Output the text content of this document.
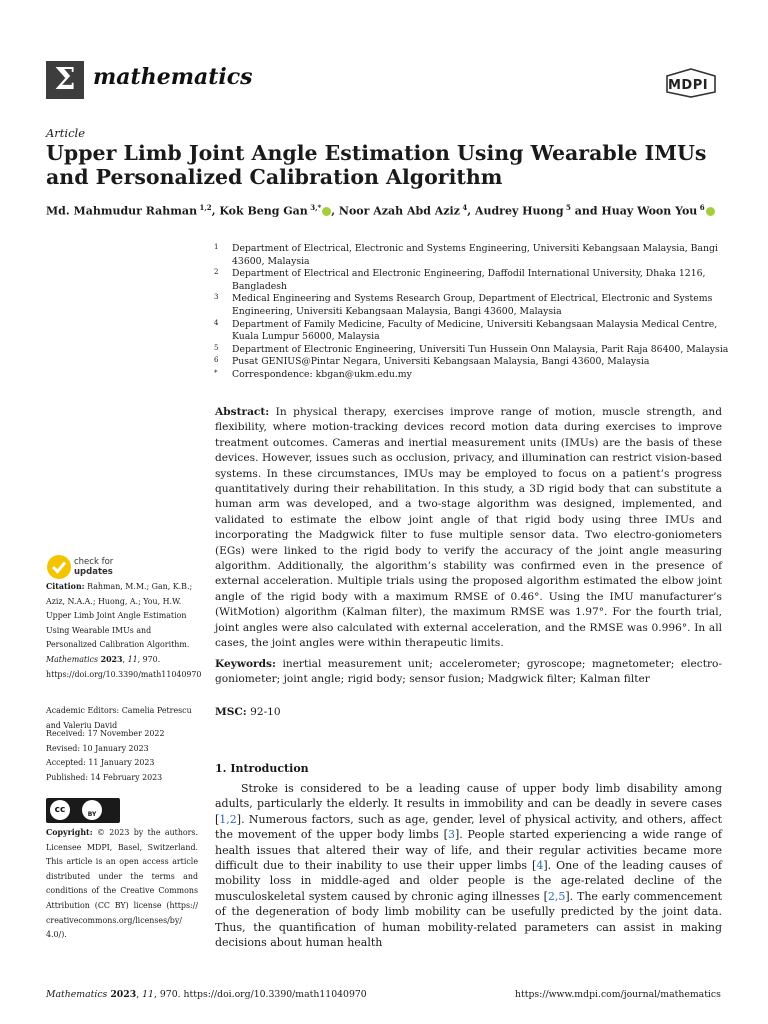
Σ mathematics	MDPI
Article
Upper Limb Joint Angle Estimation Using Wearable IMUs and Personalized Calibration Algorithm
Md. Mahmudur Rahman $^{1,2}$, Kok Beng Gan $^{3,*}$ , Noor Azah Abd Aziz $^4$, Audrey Huong $^5$ and Huay Woon You $^6$
1 Department of Electrical, Electronic and Systems Engineering, Universiti Kebangsaan Malaysia, Bangi 43600, Malaysia
2 Department of Electrical and Electronic Engineering, Daffodil International University, Dhaka 1216, Bangladesh
3 Medical Engineering and Systems Research Group, Department of Electrical, Electronic and Systems Engineering, Universiti Kebangsaan Malaysia, Bangi 43600, Malaysia
4 Department of Family Medicine, Faculty of Medicine, Universiti Kebangsaan Malaysia Medical Centre, Kuala Lumpur 56000, Malaysia
5 Department of Electronic Engineering, Universiti Tun Hussein Onn Malaysia, Parit Raja 86400, Malaysia
6 Pusat GENIUS@Pintar Negara, Universiti Kebangsaan Malaysia, Bangi 43600, Malaysia
* Correspondence: kbgan@ukm.edu.my
Abstract: In physical therapy, exercises improve range of motion, muscle strength, and flexibility, where motion-tracking devices record motion data during exercises to improve treatment outcomes. Cameras and inertial measurement units (IMUs) are the basis of these devices. However, issues such as occlusion, privacy, and illumination can restrict vision-based systems. In these circumstances, IMUs may be employed to focus on a patient’s progress quantitatively during their rehabilitation. In this study, a 3D rigid body that can substitute a human arm was developed, and a two-stage algorithm was designed, implemented, and validated to estimate the elbow joint angle of that rigid body using three IMUs and incorporating the Madgwick filter to fuse multiple sensor data. Two electro-goniometers (EGs) were linked to the rigid body to verify the accuracy of the joint angle measuring algorithm. Additionally, the algorithm’s stability was confirmed even in the presence of external acceleration. Multiple trials using the proposed algorithm estimated the elbow joint angle of the rigid body with a maximum RMSE of 0.46°. Using the IMU manufacturer’s (WitMotion) algorithm (Kalman filter), the maximum RMSE was 1.97°. For the fourth trial, joint angles were also calculated with external acceleration, and the RMSE was 0.996°. In all cases, the joint angles were within therapeutic limits.
Keywords: inertial measurement unit; accelerometer; gyroscope; magnetometer; electro-goniometer; joint angle; rigid body; sensor fusion; Madgwick filter; Kalman filter
MSC: 92-10
1. Introduction
Stroke is considered to be a leading cause of upper body limb disability among adults, particularly the elderly. It results in immobility and can be deadly in severe cases [1,2]. Numerous factors, such as age, gender, level of physical activity, and others, affect the movement of the upper body limbs [3]. People started experiencing a wide range of health issues that altered their way of life, and their regular activities became more difficult due to their inability to use their upper limbs [4]. One of the leading causes of mobility loss in middle-aged and older people is the age-related decline of the musculoskeletal system caused by chronic aging illnesses [2,5]. The early commencement of the degeneration of body limb mobility can be usefully predicted by the joint data. Thus, the quantification of human mobility-related parameters can assist in making decisions about human health
check for
updates
Citation: Rahman, M.M.; Gan, K.B.; Aziz, N.A.A.; Huong, A.; You, H.W. Upper Limb Joint Angle Estimation Using Wearable IMUs and Personalized Calibration Algorithm. Mathematics 2023, 11, 970. https://doi.org/10.3390/math11040970
Academic Editors: Camelia Petrescu and Valeriu David
Received: 17 November 2022
Revised: 10 January 2023
Accepted: 11 January 2023
Published: 14 February 2023
cc	BY
Copyright: © 2023 by the authors. Licensee MDPI, Basel, Switzerland. This article is an open access article distributed under the terms and conditions of the Creative Commons Attribution (CC BY) license (https:// creativecommons.org/licenses/by/ 4.0/).
Mathematics 2023, 11, 970. https://doi.org/10.3390/math11040970	https://www.mdpi.com/journal/mathematics
